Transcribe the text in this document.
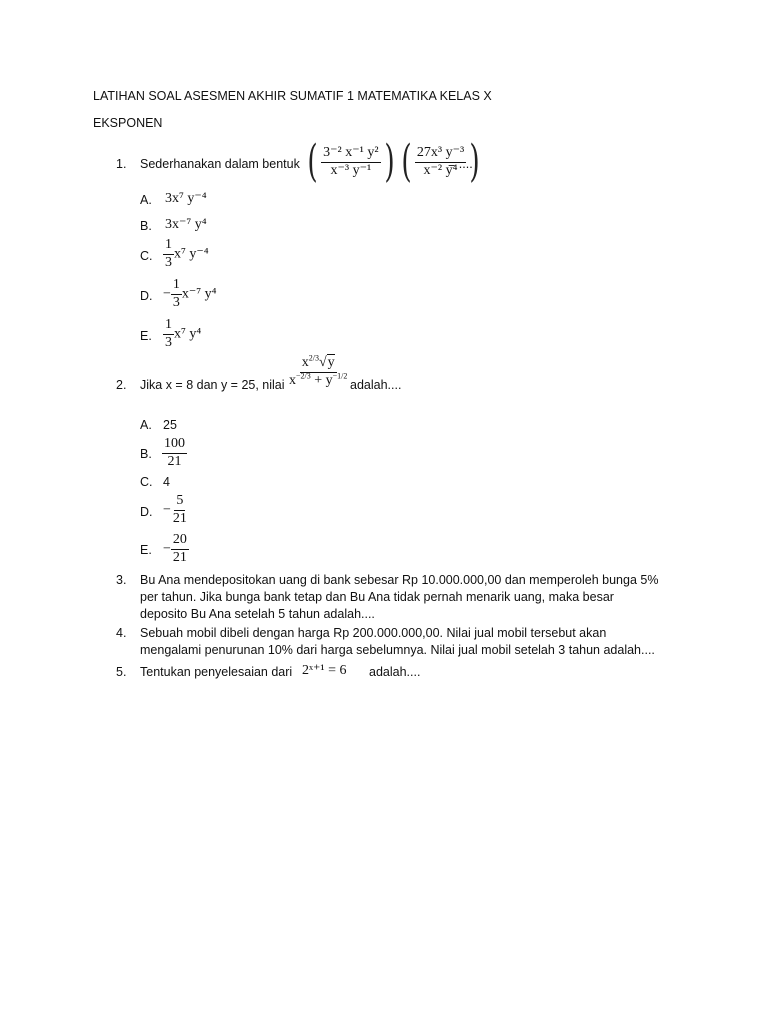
LATIHAN SOAL ASESMEN AKHIR SUMATIF 1 MATEMATIKA KELAS X
EKSPONEN
1. Sederhanakan dalam bentuk ( $\frac{\text{3⁻² x⁻¹ y²}}{\text{x⁻³ y⁻¹}}$ ) ( $\frac{\text{27x³ y⁻³}}{\text{x⁻² y⁴}}$ )
= ....
A. 3x⁷ y⁻⁴
B. 3x⁻⁷ y⁴
C. $\frac{1}{3} x^7$ y⁻⁴
D. − $\frac{1}{3} x^{-7}$ y⁴
E. $\frac{1}{3} x^7$ y⁴
2. Jika x = 8 dan y = 25, nilai $\frac{x^{2/3}√y}{x^{-2/3} + y^{-1/2}}$ adalah....
A. 25
B. $\frac{100}{21}$
C. 4
D. − $\frac{5}{21}$
E. − $\frac{20}{21}$
3. Bu Ana mendepositokan uang di bank sebesar Rp 10.000.000,00 dan memperoleh bunga 5%
per tahun. Jika bunga bank tetap dan Bu Ana tidak pernah menarik uang, maka besar
deposito Bu Ana setelah 5 tahun adalah....
4. Sebuah mobil dibeli dengan harga Rp 200.000.000,00. Nilai jual mobil tersebut akan
mengalami penurunan 10% dari harga sebelumnya. Nilai jual mobil setelah 3 tahun adalah....
5. Tentukan penyelesaian dari 2ˣ⁺¹ = 6 adalah....
